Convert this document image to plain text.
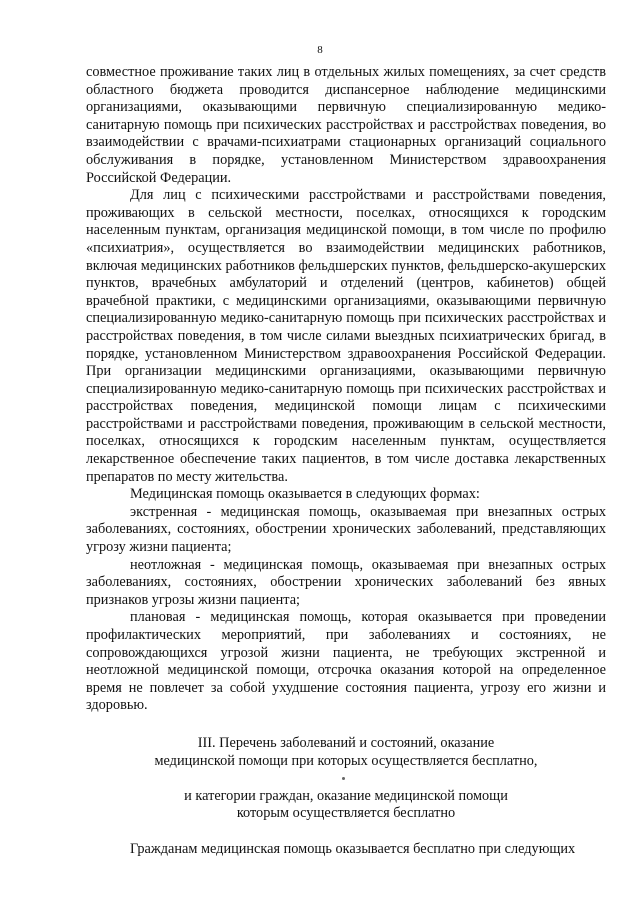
8

совместное проживание таких лиц в отдельных жилых помещениях, за счет средств областного бюджета проводится диспансерное наблюдение медицинскими организациями, оказывающими первичную специализированную медико-санитарную помощь при психических расстройствах и расстройствах поведения, во взаимодействии с врачами-психиатрами стационарных организаций социального обслуживания в порядке, установленном Министерством здравоохранения Российской Федерации.

Для лиц с психическими расстройствами и расстройствами поведения, проживающих в сельской местности, поселках, относящихся к городским населенным пунктам, организация медицинской помощи, в том числе по профилю «психиатрия», осуществляется во взаимодействии медицинских работников, включая медицинских работников фельдшерских пунктов, фельдшерско-акушерских пунктов, врачебных амбулаторий и отделений (центров, кабинетов) общей врачебной практики, с медицинскими организациями, оказывающими первичную специализированную медико-санитарную помощь при психических расстройствах и расстройствах поведения, в том числе силами выездных психиатрических бригад, в порядке, установленном Министерством здравоохранения Российской Федерации. При организации медицинскими организациями, оказывающими первичную специализированную медико-санитарную помощь при психических расстройствах и расстройствах поведения, медицинской помощи лицам с психическими расстройствами и расстройствами поведения, проживающим в сельской местности, поселках, относящихся к городским населенным пунктам, осуществляется лекарственное обеспечение таких пациентов, в том числе доставка лекарственных препаратов по месту жительства.

Медицинская помощь оказывается в следующих формах:

экстренная - медицинская помощь, оказываемая при внезапных острых заболеваниях, состояниях, обострении хронических заболеваний, представляющих угрозу жизни пациента;

неотложная - медицинская помощь, оказываемая при внезапных острых заболеваниях, состояниях, обострении хронических заболеваний без явных признаков угрозы жизни пациента;

плановая - медицинская помощь, которая оказывается при проведении профилактических мероприятий, при заболеваниях и состояниях, не сопровождающихся угрозой жизни пациента, не требующих экстренной и неотложной медицинской помощи, отсрочка оказания которой на определенное время не повлечет за собой ухудшение состояния пациента, угрозу его жизни и здоровью.

III. Перечень заболеваний и состояний, оказание
медицинской помощи при которых осуществляется бесплатно,
и категории граждан, оказание медицинской помощи
которым осуществляется бесплатно

Гражданам медицинская помощь оказывается бесплатно при следующих
